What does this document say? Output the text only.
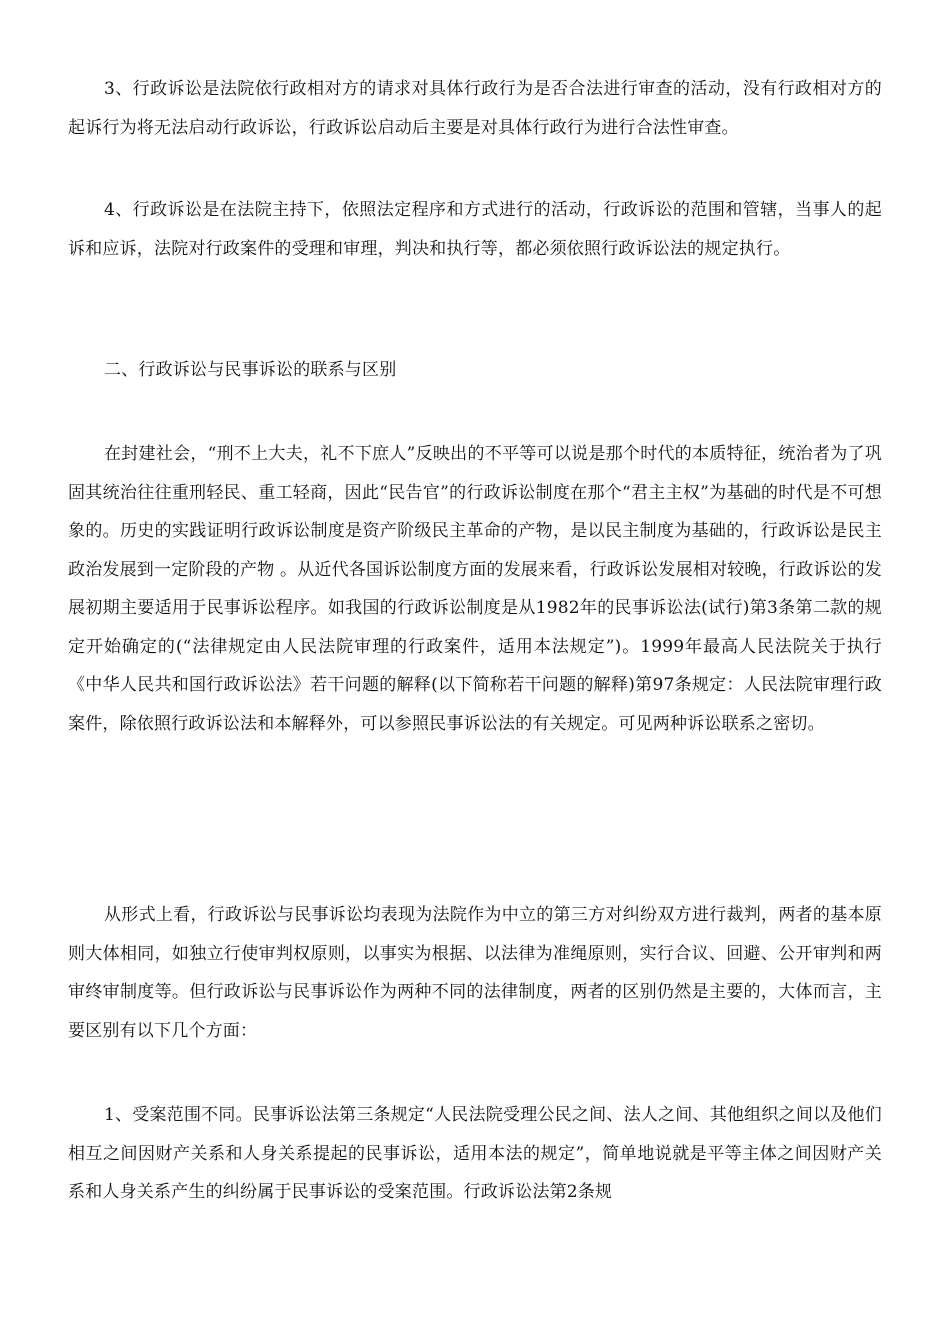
3、行政诉讼是法院依行政相对方的请求对具体行政行为是否合法进行审查的活动，没有行政相对方的起诉行为将无法启动行政诉讼，行政诉讼启动后主要是对具体行政行为进行合法性审查。

4、行政诉讼是在法院主持下，依照法定程序和方式进行的活动，行政诉讼的范围和管辖，当事人的起诉和应诉，法院对行政案件的受理和审理，判决和执行等，都必须依照行政诉讼法的规定执行。

二、行政诉讼与民事诉讼的联系与区别

在封建社会，“刑不上大夫，礼不下庶人”反映出的不平等可以说是那个时代的本质特征，统治者为了巩固其统治往往重刑轻民、重工轻商，因此“民告官”的行政诉讼制度在那个“君主主权”为基础的时代是不可想象的。历史的实践证明行政诉讼制度是资产阶级民主革命的产物，是以民主制度为基础的，行政诉讼是民主政治发展到一定阶段的产物 。从近代各国诉讼制度方面的发展来看，行政诉讼发展相对较晚，行政诉讼的发展初期主要适用于民事诉讼程序。如我国的行政诉讼制度是从1982年的民事诉讼法(试行)第3条第二款的规定开始确定的(“法律规定由人民法院审理的行政案件，适用本法规定”)。1999年最高人民法院关于执行《中华人民共和国行政诉讼法》若干问题的解释(以下简称若干问题的解释)第97条规定：人民法院审理行政案件，除依照行政诉讼法和本解释外，可以参照民事诉讼法的有关规定。可见两种诉讼联系之密切。

从形式上看，行政诉讼与民事诉讼均表现为法院作为中立的第三方对纠纷双方进行裁判，两者的基本原则大体相同，如独立行使审判权原则，以事实为根据、以法律为准绳原则，实行合议、回避、公开审判和两审终审制度等。但行政诉讼与民事诉讼作为两种不同的法律制度，两者的区别仍然是主要的，大体而言，主要区别有以下几个方面：

1、受案范围不同。民事诉讼法第三条规定“人民法院受理公民之间、法人之间、其他组织之间以及他们相互之间因财产关系和人身关系提起的民事诉讼，适用本法的规定”，简单地说就是平等主体之间因财产关系和人身关系产生的纠纷属于民事诉讼的受案范围。行政诉讼法第2条规
